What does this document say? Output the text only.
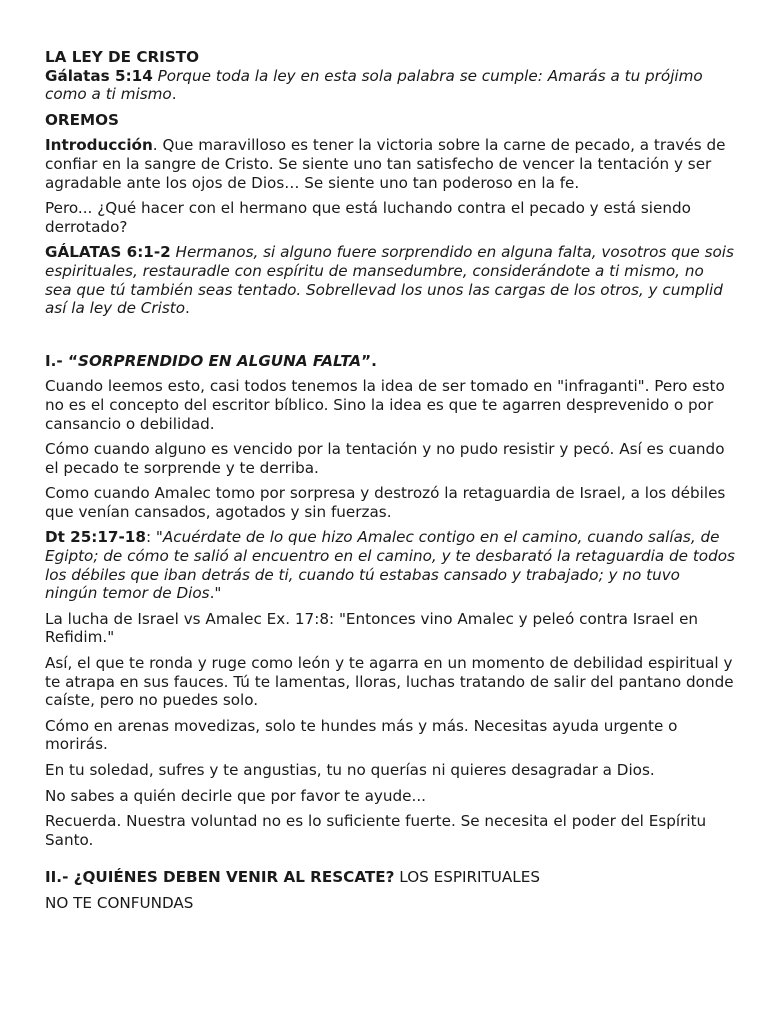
LA LEY DE CRISTO

Gálatas 5:14 Porque toda la ley en esta sola palabra se cumple: Amarás a tu prójimo como a ti mismo.

OREMOS

Introducción. Que maravilloso es tener la victoria sobre la carne de pecado, a través de confiar en la sangre de Cristo. Se siente uno tan satisfecho de vencer la tentación y ser agradable ante los ojos de Dios… Se siente uno tan poderoso en la fe.

Pero... ¿Qué hacer con el hermano que está luchando contra el pecado y está siendo derrotado?

GÁLATAS 6:1-2 Hermanos, si alguno fuere sorprendido en alguna falta, vosotros que sois espirituales, restauradle con espíritu de mansedumbre, considerándote a ti mismo, no sea que tú también seas tentado. Sobrellevad los unos las cargas de los otros, y cumplid así la ley de Cristo.

I.- “SORPRENDIDO EN ALGUNA FALTA”.

Cuando leemos esto, casi todos tenemos la idea de ser tomado en "infraganti". Pero esto no es el concepto del escritor bíblico. Sino la idea es que te agarren desprevenido o por cansancio o debilidad.

Cómo cuando alguno es vencido por la tentación y no pudo resistir y pecó. Así es cuando el pecado te sorprende y te derriba.

Como cuando Amalec tomo por sorpresa y destrozó la retaguardia de Israel, a los débiles que venían cansados, agotados y sin fuerzas.

Dt 25:17-18: "Acuérdate de lo que hizo Amalec contigo en el camino, cuando salías, de Egipto; de cómo te salió al encuentro en el camino, y te desbarató la retaguardia de todos los débiles que iban detrás de ti, cuando tú estabas cansado y trabajado; y no tuvo ningún temor de Dios."

La lucha de Israel vs Amalec Ex. 17:8: "Entonces vino Amalec y peleó contra Israel en Refidim."

Así, el que te ronda y ruge como león y te agarra en un momento de debilidad espiritual y te atrapa en sus fauces. Tú te lamentas, lloras, luchas tratando de salir del pantano donde caíste, pero no puedes solo.

Cómo en arenas movedizas, solo te hundes más y más. Necesitas ayuda urgente o morirás.

En tu soledad, sufres y te angustias, tu no querías ni quieres desagradar a Dios.

No sabes a quién decirle que por favor te ayude...

Recuerda. Nuestra voluntad no es lo suficiente fuerte. Se necesita el poder del Espíritu Santo.

II.- ¿QUIÉNES DEBEN VENIR AL RESCATE? LOS ESPIRITUALES

NO TE CONFUNDAS
